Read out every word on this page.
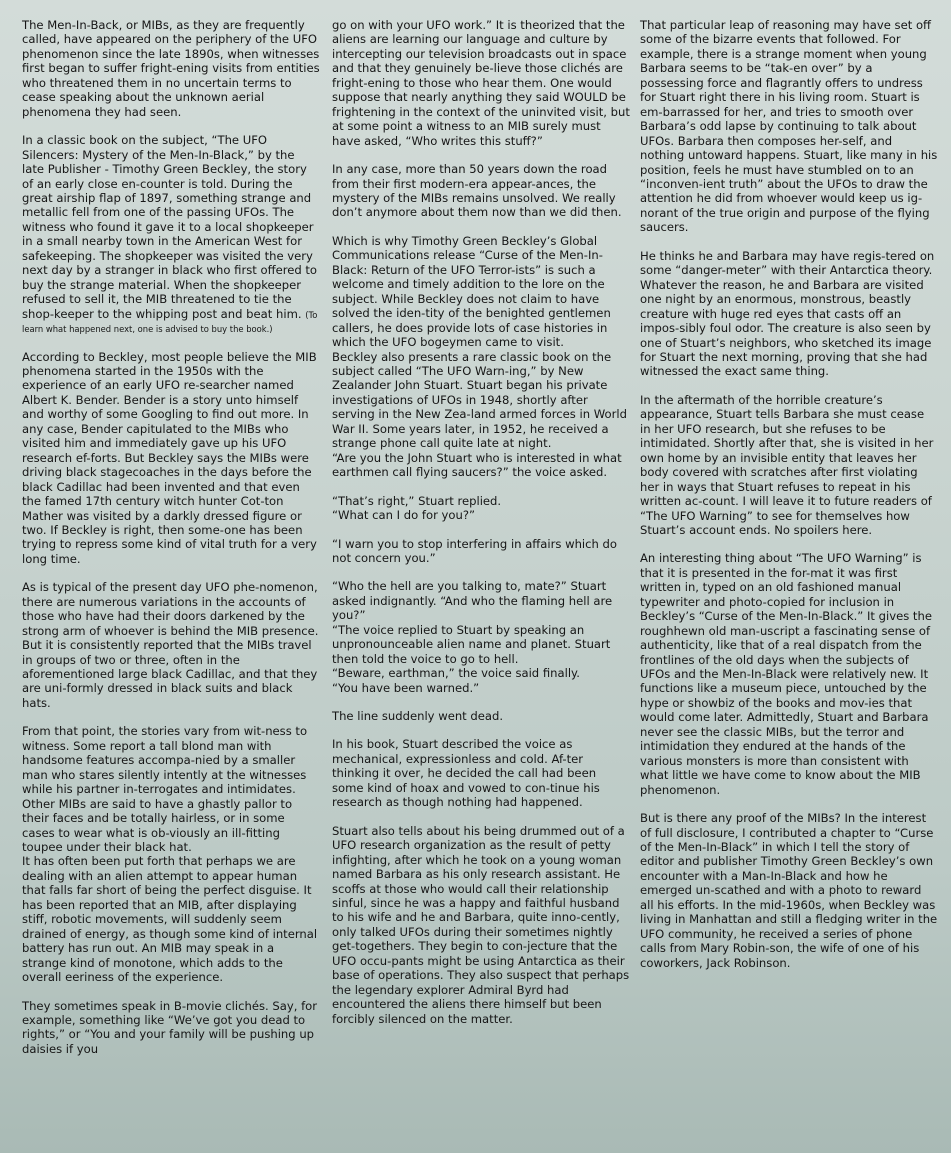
The Men-In-Back, or MIBs, as they are frequently called, have appeared on the periphery of the UFO phenomenon since the late 1890s, when witnesses first began to suffer fright-ening visits from entities who threatened them in no uncertain terms to cease speaking about the unknown aerial phenomena they had seen.

In a classic book on the subject, “The UFO Silencers: Mystery of the Men-In-Black,” by the late Publisher - Timothy Green Beckley, the story of an early close en-counter is told. During the great airship flap of 1897, something strange and metallic fell from one of the passing UFOs. The witness who found it gave it to a local shopkeeper in a small nearby town in the American West for safekeeping. The shopkeeper was visited the very next day by a stranger in black who first offered to buy the strange material. When the shopkeeper refused to sell it, the MIB threatened to tie the shop-keeper to the whipping post and beat him. (To learn what happened next, one is advised to buy the book.)

According to Beckley, most people believe the MIB phenomena started in the 1950s with the experience of an early UFO re-searcher named Albert K. Bender. Bender is a story unto himself and worthy of some Googling to find out more. In any case, Bender capitulated to the MIBs who visited him and immediately gave up his UFO research ef-forts. But Beckley says the MIBs were driving black stagecoaches in the days before the black Cadillac had been invented and that even the famed 17th century witch hunter Cot-ton Mather was visited by a darkly dressed figure or two. If Beckley is right, then some-one has been trying to repress some kind of vital truth for a very long time.

As is typical of the present day UFO phe-nomenon, there are numerous variations in the accounts of those who have had their doors darkened by the strong arm of whoever is behind the MIB presence. But it is consistently reported that the MIBs travel in groups of two or three, often in the aforementioned large black Cadillac, and that they are uni-formly dressed in black suits and black hats.

From that point, the stories vary from wit-ness to witness. Some report a tall blond man with handsome features accompa-nied by a smaller man who stares silently intently at the witnesses while his partner in-terrogates and intimidates. Other MIBs are said to have a ghastly pallor to their faces and be totally hairless, or in some cases to wear what is ob-viously an ill-fitting toupee under their black hat.

It has often been put forth that perhaps we are dealing with an alien attempt to appear human that falls far short of being the perfect disguise. It has been reported that an MIB, after displaying stiff, robotic movements, will suddenly seem drained of energy, as though some kind of internal battery has run out. An MIB may speak in a strange kind of monotone, which adds to the overall eeriness of the experience.

They sometimes speak in B-movie clichés. Say, for example, something like “We’ve got you dead to rights,” or “You and your family will be pushing up daisies if you

go on with your UFO work.” It is theorized that the aliens are learning our language and culture by intercepting our television broadcasts out in space and that they genuinely be-lieve those clichés are fright-ening to those who hear them. One would suppose that nearly anything they said WOULD be frightening in the context of the uninvited visit, but at some point a witness to an MIB surely must have asked, “Who writes this stuff?”

In any case, more than 50 years down the road from their first modern-era appear-ances, the mystery of the MIBs remains unsolved. We really don’t anymore about them now than we did then.

Which is why Timothy Green Beckley’s Global Communications release “Curse of the Men-In-Black: Return of the UFO Terror-ists” is such a welcome and timely addition to the lore on the subject. While Beckley does not claim to have solved the iden-tity of the benighted gentlemen callers, he does provide lots of case histories in which the UFO bogeymen came to visit.

Beckley also presents a rare classic book on the subject called “The UFO Warn-ing,” by New Zealander John Stuart. Stuart began his private investigations of UFOs in 1948, shortly after serving in the New Zea-land armed forces in World War II. Some years later, in 1952, he received a strange phone call quite late at night.

“Are you the John Stuart who is interested in what earthmen call flying saucers?” the voice asked.

“That’s right,” Stuart replied.

“What can I do for you?”

“I warn you to stop interfering in affairs which do not concern you.”

“Who the hell are you talking to, mate?” Stuart asked indignantly. “And who the flaming hell are you?”

“The voice replied to Stuart by speaking an unpronounceable alien name and planet. Stuart then told the voice to go to hell.

“Beware, earthman,” the voice said finally.

“You have been warned.”

The line suddenly went dead.

In his book, Stuart described the voice as mechanical, expressionless and cold. Af-ter thinking it over, he decided the call had been some kind of hoax and vowed to con-tinue his research as though nothing had happened.

Stuart also tells about his being drummed out of a UFO research organization as the result of petty infighting, after which he took on a young woman named Barbara as his only research assistant. He scoffs at those who would call their relationship sinful, since he was a happy and faithful husband to his wife and he and Barbara, quite inno-cently, only talked UFOs during their sometimes nightly get-togethers. They begin to con-jecture that the UFO occu-pants might be using Antarctica as their base of operations. They also suspect that perhaps the legendary explorer Admiral Byrd had encountered the aliens there himself but been forcibly silenced on the matter.

That particular leap of reasoning may have set off some of the bizarre events that followed. For example, there is a strange moment when young Barbara seems to be “tak-en over” by a possessing force and flagrantly offers to undress for Stuart right there in his living room. Stuart is em-barrassed for her, and tries to smooth over Barbara’s odd lapse by continuing to talk about UFOs. Barbara then composes her-self, and nothing untoward happens. Stuart, like many in his position, feels he must have stumbled on to an “inconven-ient truth” about the UFOs to draw the attention he did from whoever would keep us ig-norant of the true origin and purpose of the flying saucers.

He thinks he and Barbara may have regis-tered on some “danger-meter” with their Antarctica theory. Whatever the reason, he and Barbara are visited one night by an enormous, monstrous, beastly creature with huge red eyes that casts off an impos-sibly foul odor. The creature is also seen by one of Stuart’s neighbors, who sketched its image for Stuart the next morning, proving that she had witnessed the exact same thing.

In the aftermath of the horrible creature’s appearance, Stuart tells Barbara she must cease in her UFO research, but she refuses to be intimidated. Shortly after that, she is visited in her own home by an invisible entity that leaves her body covered with scratches after first violating her in ways that Stuart refuses to repeat in his written ac-count. I will leave it to future readers of “The UFO Warning” to see for themselves how Stuart’s account ends. No spoilers here.

An interesting thing about “The UFO Warning” is that it is presented in the for-mat it was first written in, typed on an old fashioned manual typewriter and photo-copied for inclusion in Beckley’s “Curse of the Men-In-Black.” It gives the roughhewn old man-uscript a fascinating sense of authenticity, like that of a real dispatch from the frontlines of the old days when the subjects of UFOs and the Men-In-Black were relatively new. It functions like a museum piece, untouched by the hype or showbiz of the books and mov-ies that would come later. Admittedly, Stuart and Barbara never see the classic MIBs, but the terror and intimidation they endured at the hands of the various monsters is more than consistent with what little we have come to know about the MIB phenomenon.

But is there any proof of the MIBs? In the interest of full disclosure, I contributed a chapter to “Curse of the Men-In-Black” in which I tell the story of editor and publisher Timothy Green Beckley’s own encounter with a Man-In-Black and how he emerged un-scathed and with a photo to reward all his efforts. In the mid-1960s, when Beckley was living in Manhattan and still a fledging writer in the UFO community, he received a series of phone calls from Mary Robin-son, the wife of one of his coworkers, Jack Robinson.
